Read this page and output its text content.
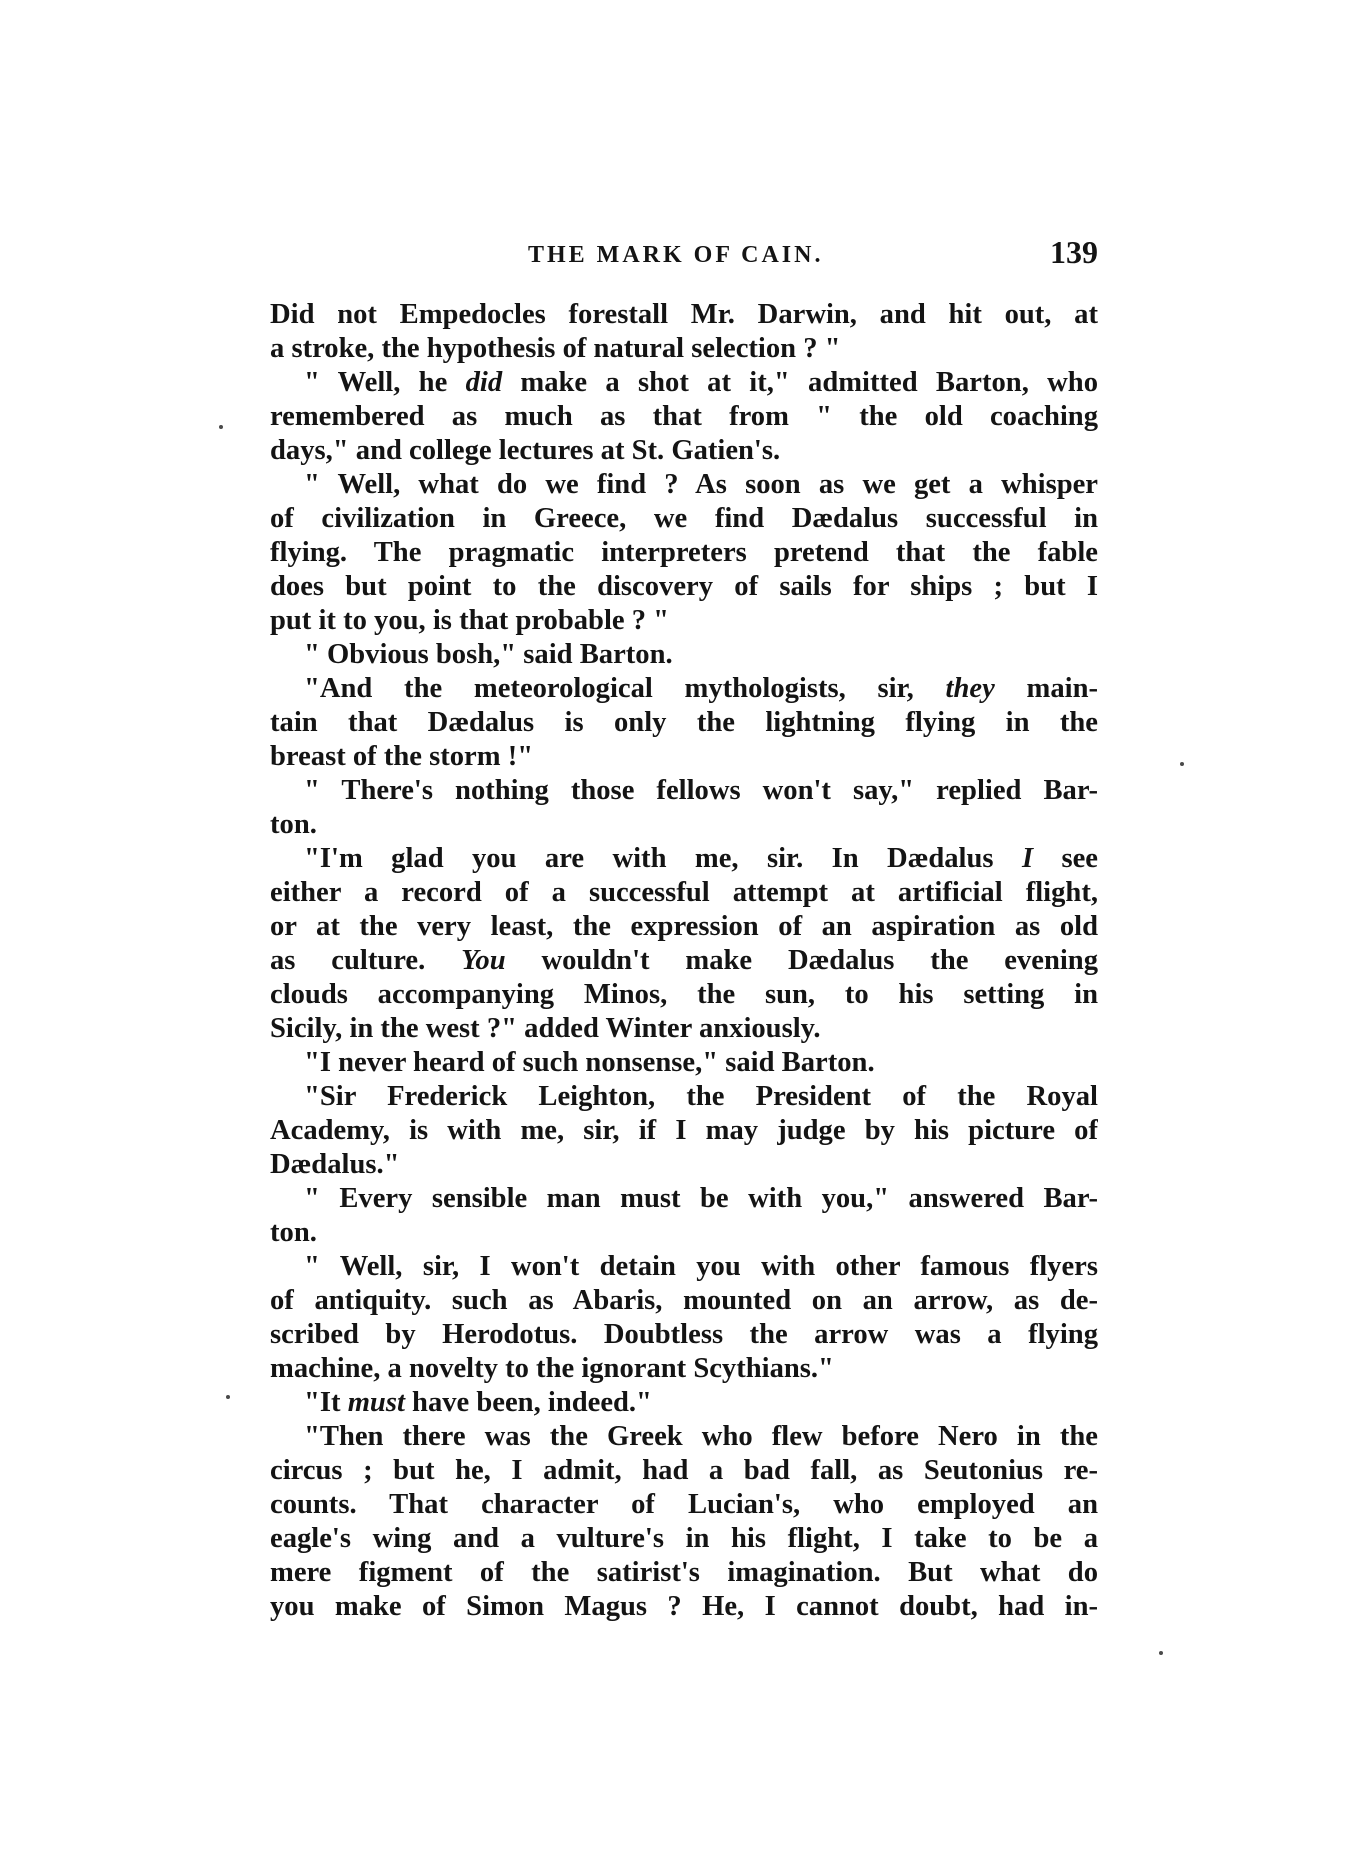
THE MARK OF CAIN.	139
Did not Empedocles forestall Mr. Darwin, and hit out, at
a stroke, the hypothesis of natural selection ? "
" Well, he did make a shot at it," admitted Barton, who
remembered as much as that from " the old coaching
days," and college lectures at St. Gatien's.
" Well, what do we find ? As soon as we get a whisper
of civilization in Greece, we find Dædalus successful in
flying. The pragmatic interpreters pretend that the fable
does but point to the discovery of sails for ships ; but I
put it to you, is that probable ? "
" Obvious bosh," said Barton.
"And the meteorological mythologists, sir, they main-
tain that Dædalus is only the lightning flying in the
breast of the storm !"
" There's nothing those fellows won't say," replied Bar-
ton.
"I'm glad you are with me, sir. In Dædalus I see
either a record of a successful attempt at artificial flight,
or at the very least, the expression of an aspiration as old
as culture. You wouldn't make Dædalus the evening
clouds accompanying Minos, the sun, to his setting in
Sicily, in the west ?" added Winter anxiously.
"I never heard of such nonsense," said Barton.
"Sir Frederick Leighton, the President of the Royal
Academy, is with me, sir, if I may judge by his picture of
Dædalus."
" Every sensible man must be with you," answered Bar-
ton.
" Well, sir, I won't detain you with other famous flyers
of antiquity. such as Abaris, mounted on an arrow, as de-
scribed by Herodotus. Doubtless the arrow was a flying
machine, a novelty to the ignorant Scythians."
"It must have been, indeed."
"Then there was the Greek who flew before Nero in the
circus ; but he, I admit, had a bad fall, as Seutonius re-
counts. That character of Lucian's, who employed an
eagle's wing and a vulture's in his flight, I take to be a
mere figment of the satirist's imagination. But what do
you make of Simon Magus ? He, I cannot doubt, had in-
